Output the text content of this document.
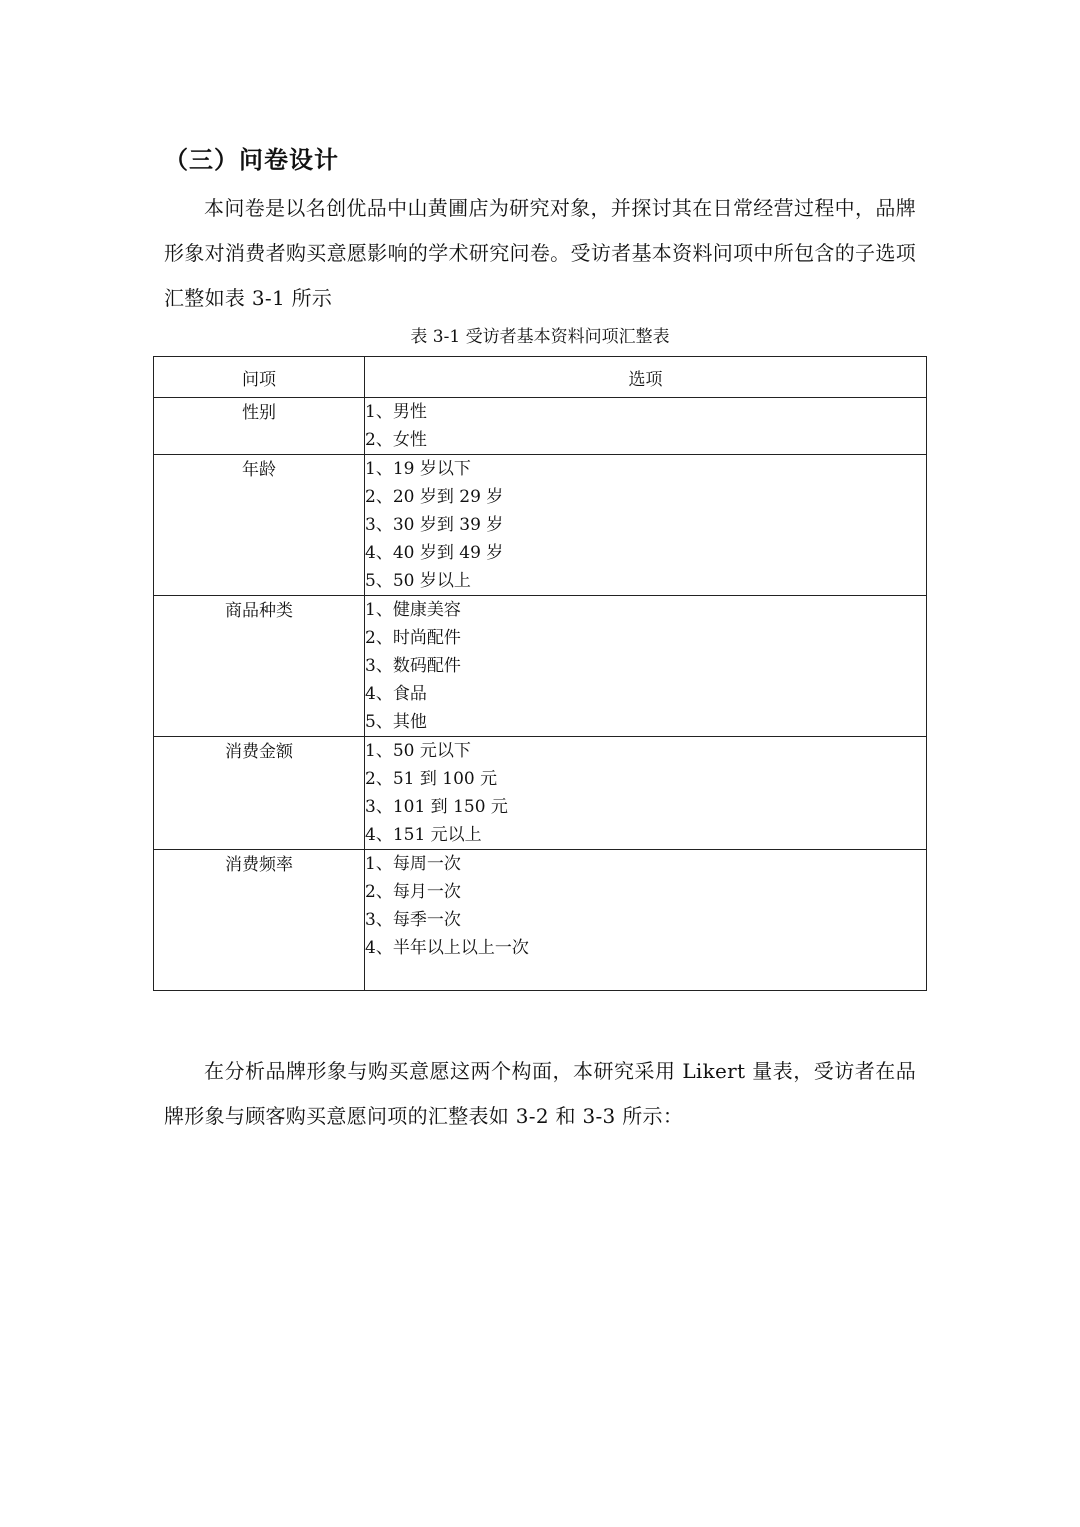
（三）问卷设计
本问卷是以名创优品中山黄圃店为研究对象，并探讨其在日常经营过程中，品牌形象对消费者购买意愿影响的学术研究问卷。受访者基本资料问项中所包含的子选项汇整如表 3-1 所示
表 3-1 受访者基本资料问项汇整表
问项	选项
性别	1、男性
2、女性

年龄	1、19 岁以下
2、20 岁到 29 岁
3、30 岁到 39 岁
4、40 岁到 49 岁
5、50 岁以上

商品种类	1、健康美容
2、时尚配件
3、数码配件
4、食品
5、其他

消费金额	1、50 元以下
2、51 到 100 元
3、101 到 150 元
4、151 元以上

消费频率	1、每周一次
2、每月一次
3、每季一次
4、半年以上以上一次
在分析品牌形象与购买意愿这两个构面，本研究采用 Likert 量表，受访者在品牌形象与顾客购买意愿问项的汇整表如 3-2 和 3-3 所示：
